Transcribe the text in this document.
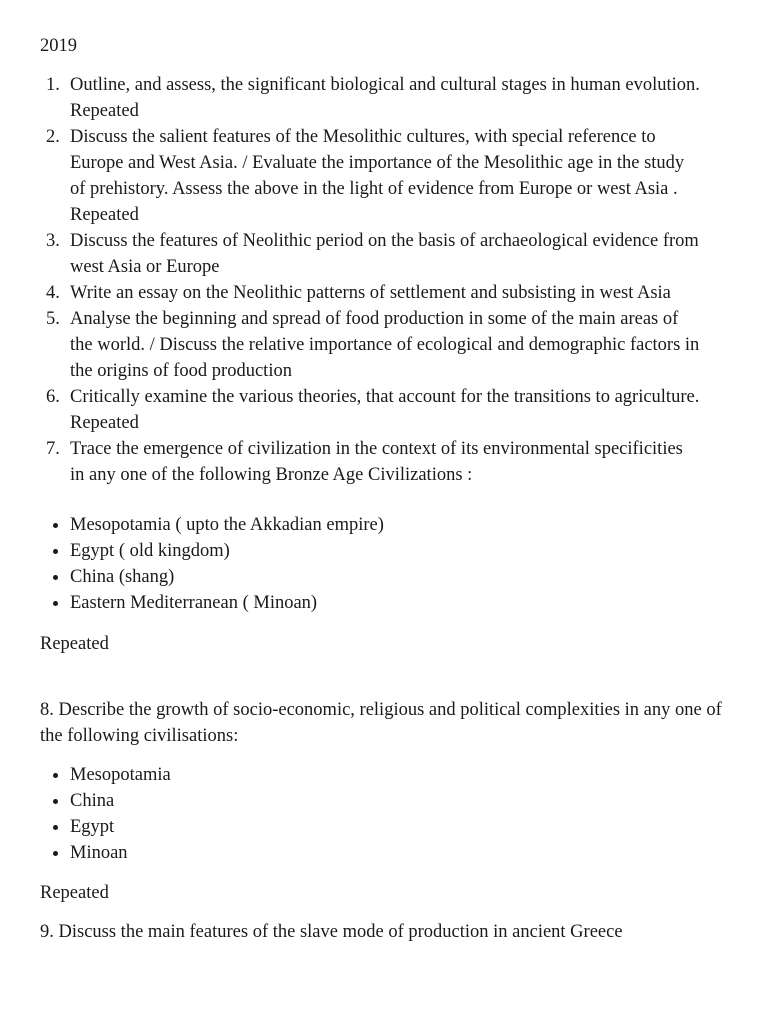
2019
1. Outline, and assess, the significant biological and cultural stages in human evolution. Repeated
2. Discuss the salient features of the Mesolithic cultures, with special reference to Europe and West Asia. / Evaluate the importance of the Mesolithic age in the study of prehistory. Assess the above in the light of evidence from Europe or west Asia . Repeated
3. Discuss the features of Neolithic period on the basis of archaeological evidence from west Asia or Europe
4. Write an essay on the Neolithic patterns of settlement and subsisting in west Asia
5. Analyse the beginning and spread of food production in some of the main areas of the world. / Discuss the relative importance of ecological and demographic factors in the origins of food production
6. Critically examine the various theories, that account for the transitions to agriculture. Repeated
7. Trace the emergence of civilization in the context of its environmental specificities in any one of the following Bronze Age Civilizations :
Mesopotamia ( upto the Akkadian empire)
Egypt ( old kingdom)
China (shang)
Eastern Mediterranean ( Minoan)

Repeated

8. Describe the growth of socio-economic, religious and political complexities in any one of the following civilisations:

Mesopotamia
China
Egypt
Minoan

Repeated

9. Discuss the main features of the slave mode of production in ancient Greece
